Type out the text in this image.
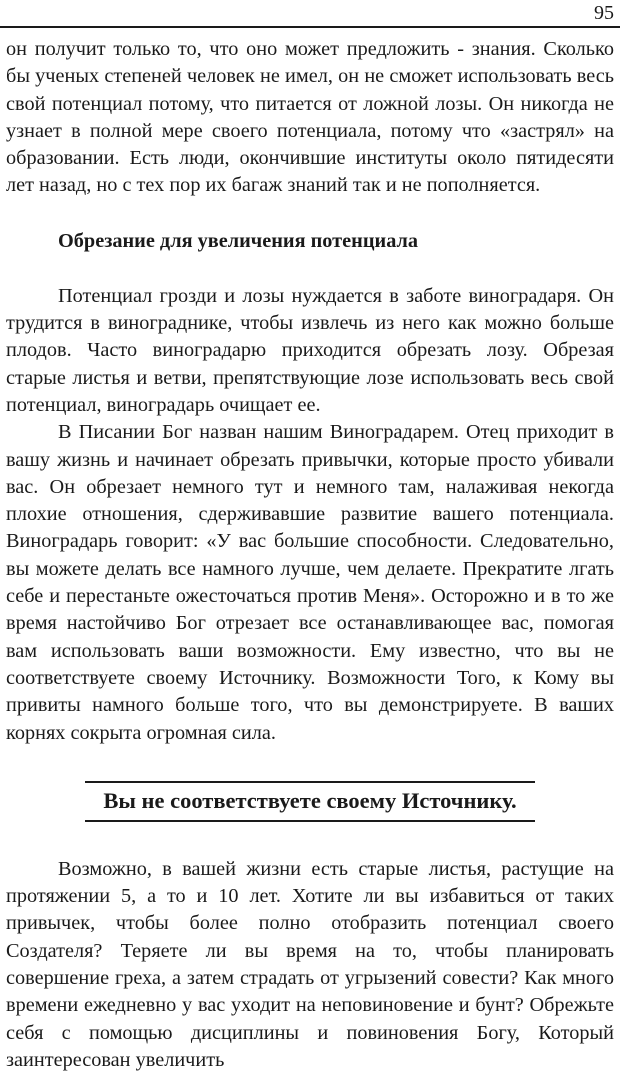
95

он получит только то, что оно может предложить - знания. Сколько бы ученых степеней человек не имел, он не сможет использовать весь свой потенциал потому, что питается от ложной лозы. Он никогда не узнает в полной мере своего потенциала, потому что «застрял» на образовании. Есть люди, окончившие институты около пятидесяти лет назад, но с тех пор их багаж знаний так и не пополняется.

Обрезание для увеличения потенциала

Потенциал грозди и лозы нуждается в заботе виноградаря. Он трудится в винограднике, чтобы извлечь из него как можно больше плодов. Часто виноградарю приходится обрезать лозу. Обрезая старые листья и ветви, препятствующие лозе использовать весь свой потенциал, виноградарь очищает ее.

В Писании Бог назван нашим Виноградарем. Отец приходит в вашу жизнь и начинает обрезать привычки, которые просто убивали вас. Он обрезает немного тут и немного там, налаживая некогда плохие отношения, сдерживавшие развитие вашего потенциала. Виноградарь говорит: «У вас большие способности. Следовательно, вы можете делать все намного лучше, чем делаете. Прекратите лгать себе и перестаньте ожесточаться против Меня». Осторожно и в то же время настойчиво Бог отрезает все останавливающее вас, помогая вам использовать ваши возможности. Ему известно, что вы не соответствуете своему Источнику. Возможности Того, к Кому вы привиты намного больше того, что вы демонстрируете. В ваших корнях сокрыта огромная сила.

Вы не соответствуете своему Источнику.

Возможно, в вашей жизни есть старые листья, растущие на протяжении 5, а то и 10 лет. Хотите ли вы избавиться от таких привычек, чтобы более полно отобразить потенциал своего Создателя? Теряете ли вы время на то, чтобы планировать совершение греха, а затем страдать от угрызений совести? Как много времени ежедневно у вас уходит на неповиновение и бунт? Обрежьте себя с помощью дисциплины и повиновения Богу, Который заинтересован увеличить
